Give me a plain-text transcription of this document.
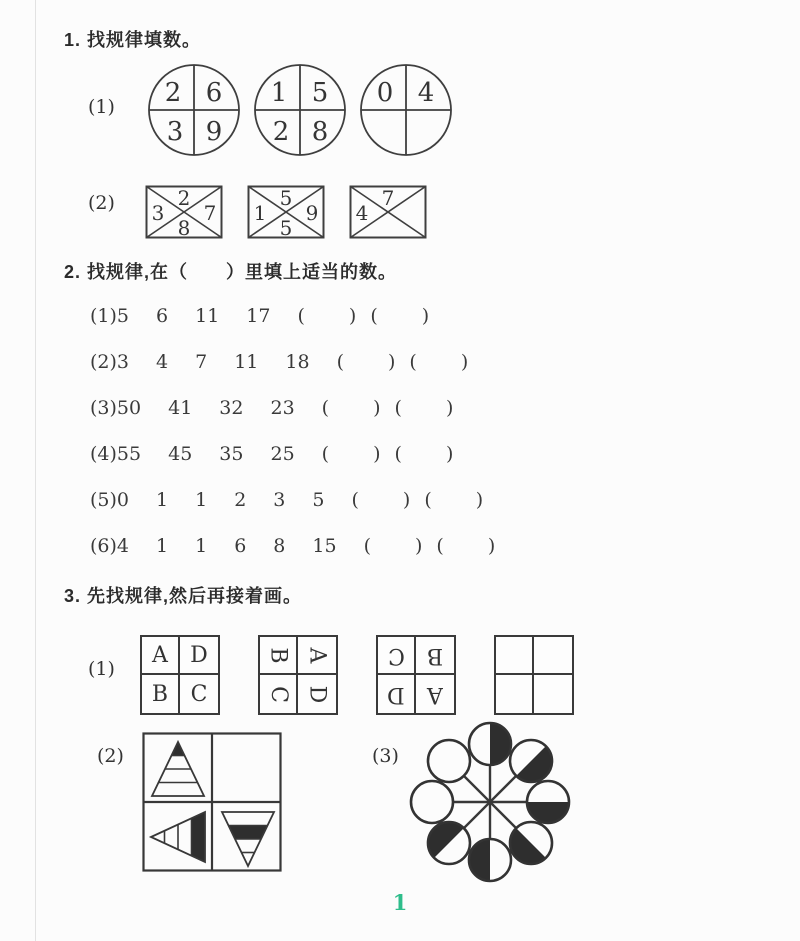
1. 找规律填数。
(1) 2 6
3 9
1 5
2 8
0 4
(2)	2
3 7
8
5
1 9
5
7
4
2. 找规律,在（　　）里填上适当的数。
(1)5 6 11 17 ( ) ( )
(2)3 4 7 11 18 ( ) ( )
(3)50 41 32 23 ( ) ( )
(4)55 45 35 25 ( ) ( )
(5)0 1 1 2 3 5 ( ) ( )
(6)4 1 1 6 8 15 ( ) ( )
3. 先找规律,然后再接着画。
(1)
A D
B C
B A
C D
C B
D A
(2)	(3)
1
